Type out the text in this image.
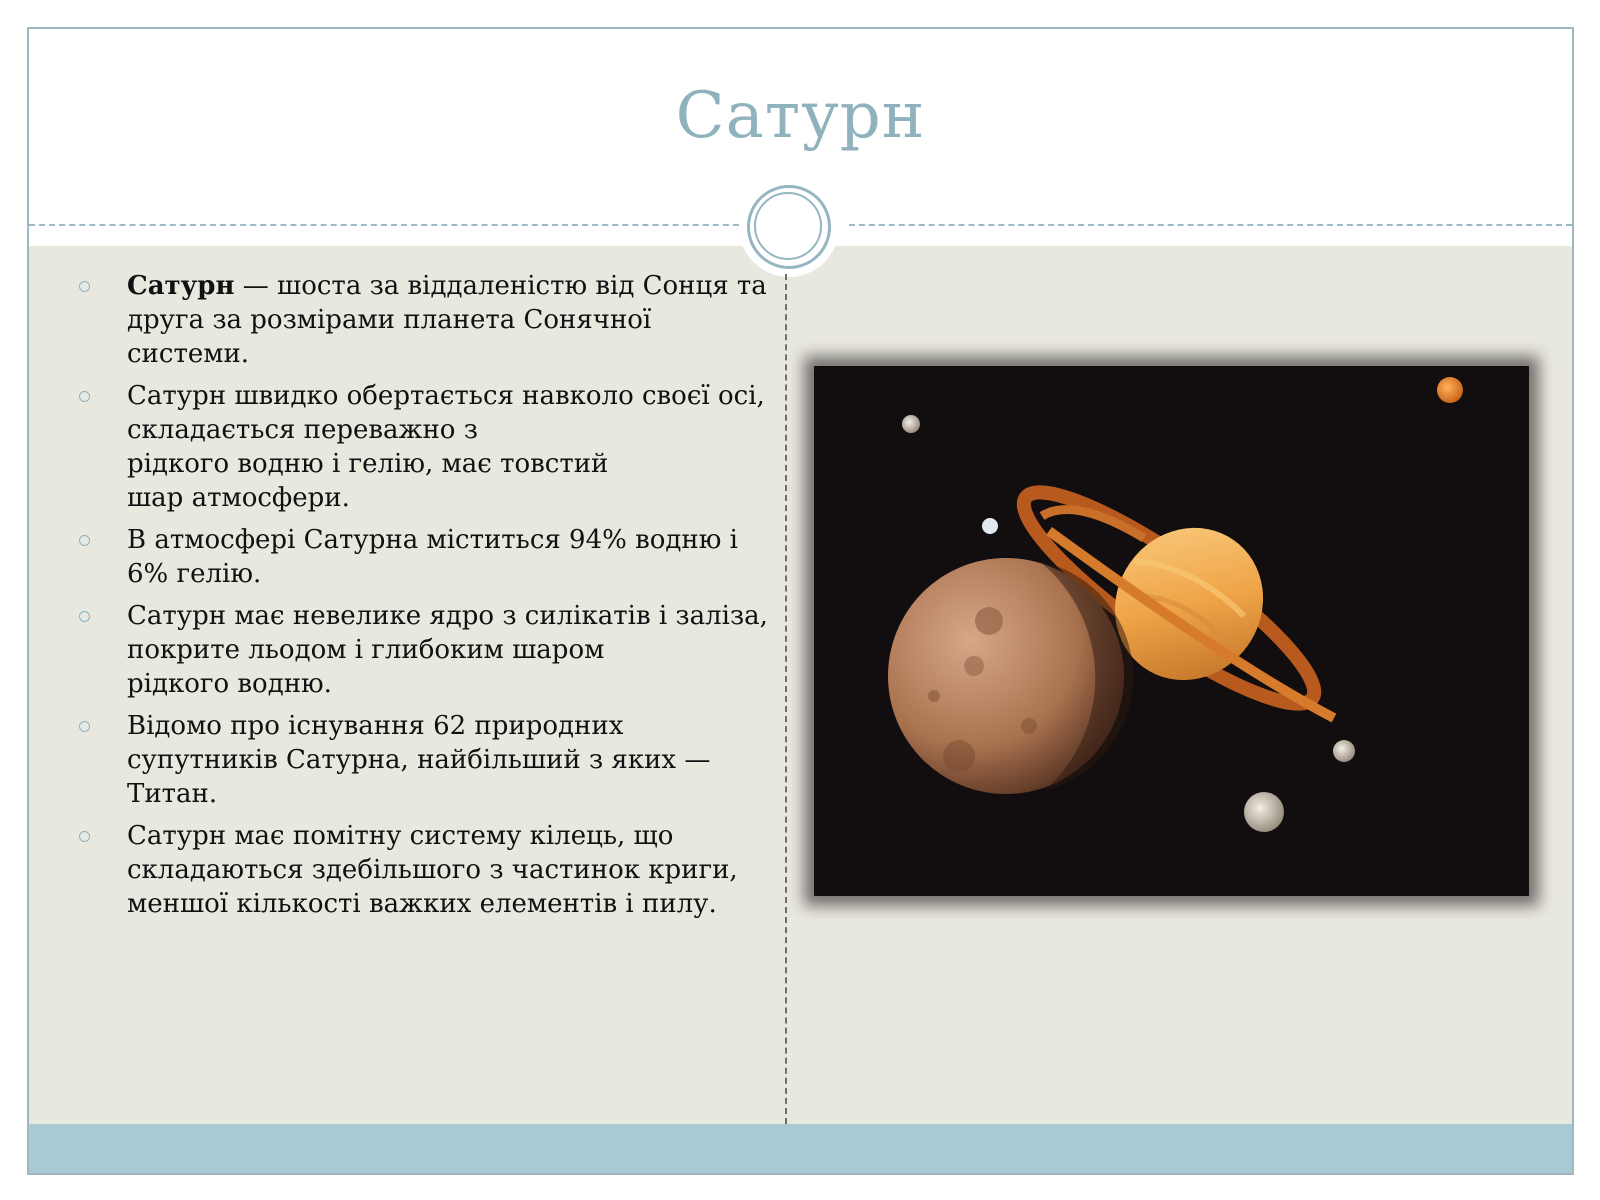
Сатурн
Сатурн — шоста за віддаленістю від Сонця та
друга за розмірами планета Сонячної
системи.
Сатурн швидко обертається навколо своєї осі,
складається переважно з
рідкого водню і гелію, має товстий
шар атмосфери.
В атмосфері Сатурна міститься 94% водню і
6% гелію.
Сатурн має невелике ядро з силікатів і заліза,
покрите льодом і глибоким шаром
рідкого водню.
Відомо про існування 62 природних
супутників Сатурна, найбільший з яких —
Титан.
Сатурн має помітну систему кілець, що
складаються здебільшого з частинок криги,
меншої кількості важких елементів і пилу.
